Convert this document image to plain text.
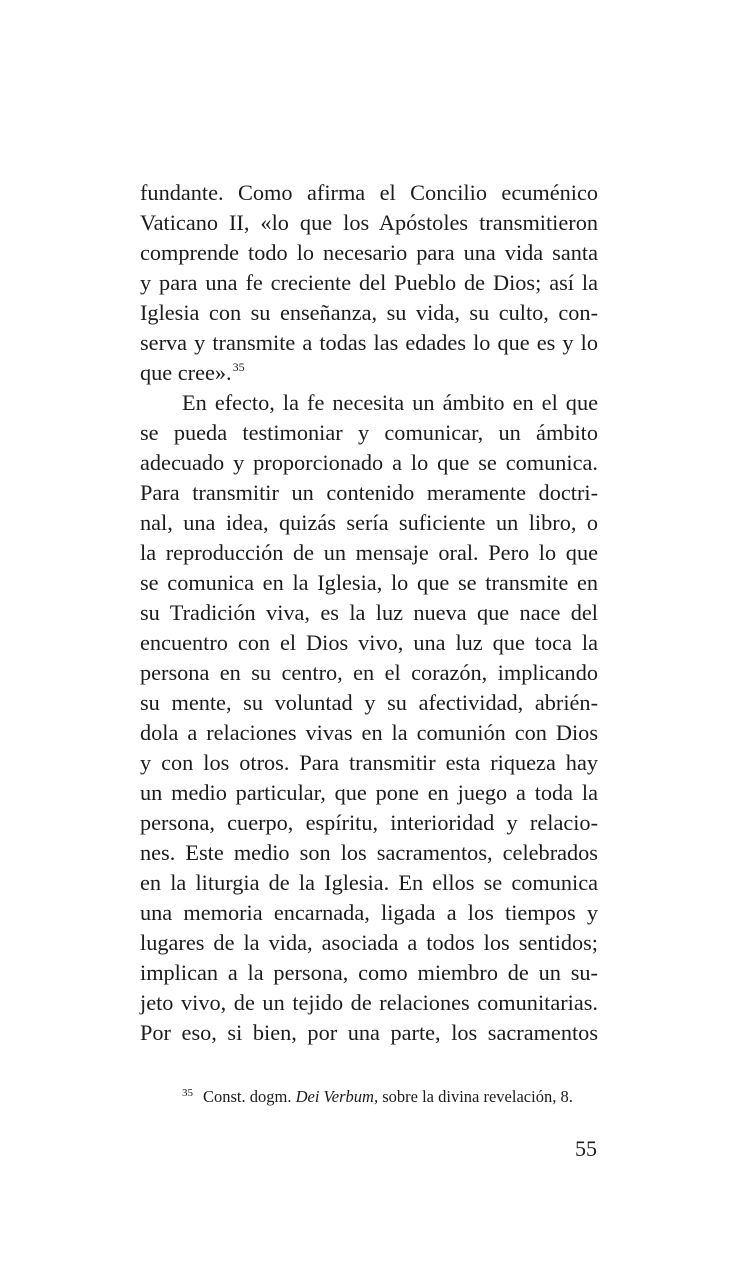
fundante. Como afirma el Concilio ecuménico
Vaticano II, «lo que los Apóstoles transmitieron
comprende todo lo necesario para una vida santa
y para una fe creciente del Pueblo de Dios; así la
Iglesia con su enseñanza, su vida, su culto, con-
serva y transmite a todas las edades lo que es y lo
que cree».$^{35}$
En efecto, la fe necesita un ámbito en el que
se pueda testimoniar y comunicar, un ámbito
adecuado y proporcionado a lo que se comunica.
Para transmitir un contenido meramente doctri-
nal, una idea, quizás sería suficiente un libro, o
la reproducción de un mensaje oral. Pero lo que
se comunica en la Iglesia, lo que se transmite en
su Tradición viva, es la luz nueva que nace del
encuentro con el Dios vivo, una luz que toca la
persona en su centro, en el corazón, implicando
su mente, su voluntad y su afectividad, abrién-
dola a relaciones vivas en la comunión con Dios
y con los otros. Para transmitir esta riqueza hay
un medio particular, que pone en juego a toda la
persona, cuerpo, espíritu, interioridad y relacio-
nes. Este medio son los sacramentos, celebrados
en la liturgia de la Iglesia. En ellos se comunica
una memoria encarnada, ligada a los tiempos y
lugares de la vida, asociada a todos los sentidos;
implican a la persona, como miembro de un su-
jeto vivo, de un tejido de relaciones comunitarias.
Por eso, si bien, por una parte, los sacramentos
$^{35}$ Const. dogm. Dei Verbum, sobre la divina revelación, 8.
55
